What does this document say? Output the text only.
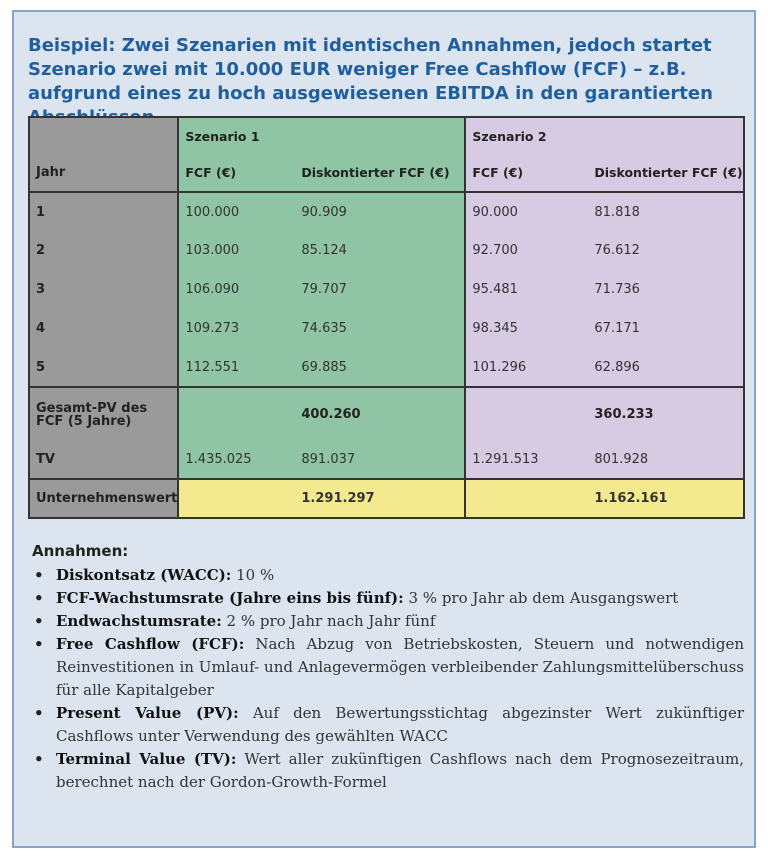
Beispiel: Zwei Szenarien mit identischen Annahmen, jedoch startet Szenario zwei mit 10.000 EUR weniger Free Cashflow (FCF) – z.B. aufgrund eines zu hoch ausgewiesenen EBITDA in den garantierten

	Szenario 1		Szenario 2	
Jahr	FCF (€)	Diskontierter FCF (€)	FCF (€)	Diskontierter FCF (€)
1	100.000	90.909	90.000	81.818
2	103.000	85.124	92.700	76.612
3	106.090	79.707	95.481	71.736
4	109.273	74.635	98.345	67.171
5	112.551	69.885	101.296	62.896
Gesamt-PV des FCF (5 Jahre)		400.260		360.233
TV	1.435.025	891.037	1.291.513	801.928
Unternehmenswert		1.291.297		1.162.161
Annahmen:
• Diskontsatz (WACC): 10 %
• FCF-Wachstumsrate (Jahre eins bis fünf): 3 % pro Jahr ab dem Ausgangswert
• Endwachstumsrate: 2 % pro Jahr nach Jahr fünf
• Free Cashflow (FCF): Nach Abzug von Betriebskosten, Steuern und notwendigen Reinvestitionen in Umlauf- und Anlagevermögen verbleibender Zahlungsmittelüberschuss für alle Kapitalgeber
• Present Value (PV): Auf den Bewertungsstichtag abgezinster Wert zukünftiger Cashflows unter Verwendung des gewählten WACC
• Terminal Value (TV): Wert aller zukünftigen Cashflows nach dem Prognosezeitraum, berechnet nach der Gordon-Growth-Formel
